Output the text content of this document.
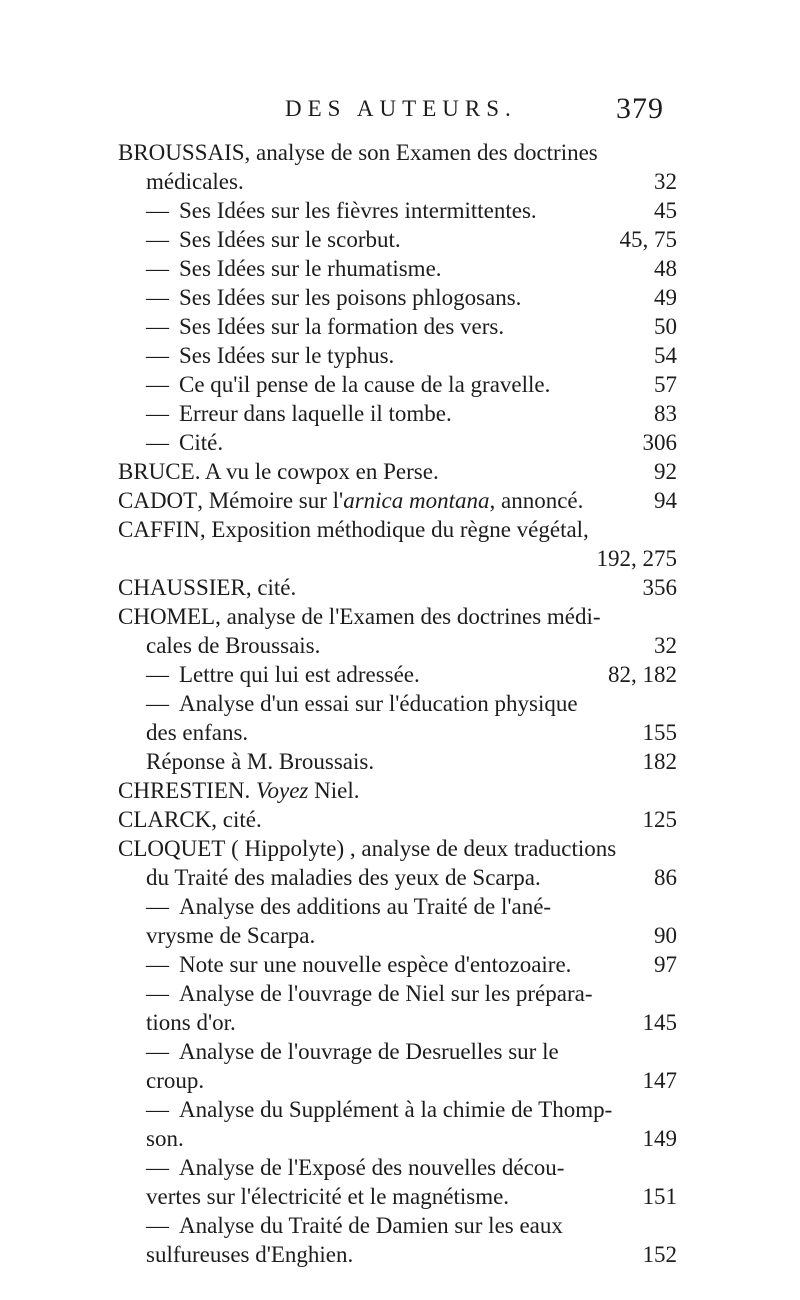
DES AUTEURS.	379
BROUSSAIS, analyse de son Examen des doctrines
médicales.	32
— Ses Idées sur les fièvres intermittentes.	45
— Ses Idées sur le scorbut.	45, 75
— Ses Idées sur le rhumatisme.	48
— Ses Idées sur les poisons phlogosans.	49
— Ses Idées sur la formation des vers.	50
— Ses Idées sur le typhus.	54
— Ce qu'il pense de la cause de la gravelle.	57
— Erreur dans laquelle il tombe.	83
— Cité.	306
BRUCE. A vu le cowpox en Perse.	92
CADOT, Mémoire sur l'arnica montana, annoncé.	94
CAFFIN, Exposition méthodique du règne végétal,
192, 275
CHAUSSIER, cité.	356
CHOMEL, analyse de l'Examen des doctrines médi-
cales de Broussais.	32
— Lettre qui lui est adressée.	82, 182
— Analyse d'un essai sur l'éducation physique
des enfans.	155
Réponse à M. Broussais.	182
CHRESTIEN. Voyez Niel.
CLARCK, cité.	125
CLOQUET ( Hippolyte) , analyse de deux traductions
du Traité des maladies des yeux de Scarpa.	86
— Analyse des additions au Traité de l'ané-
vrysme de Scarpa.	90
— Note sur une nouvelle espèce d'entozoaire.	97
— Analyse de l'ouvrage de Niel sur les prépara-
tions d'or.	145
— Analyse de l'ouvrage de Desruelles sur le
croup.	147
— Analyse du Supplément à la chimie de Thomp-
son.	149
— Analyse de l'Exposé des nouvelles décou-
vertes sur l'électricité et le magnétisme.	151
— Analyse du Traité de Damien sur les eaux
sulfureuses d'Enghien.	152
